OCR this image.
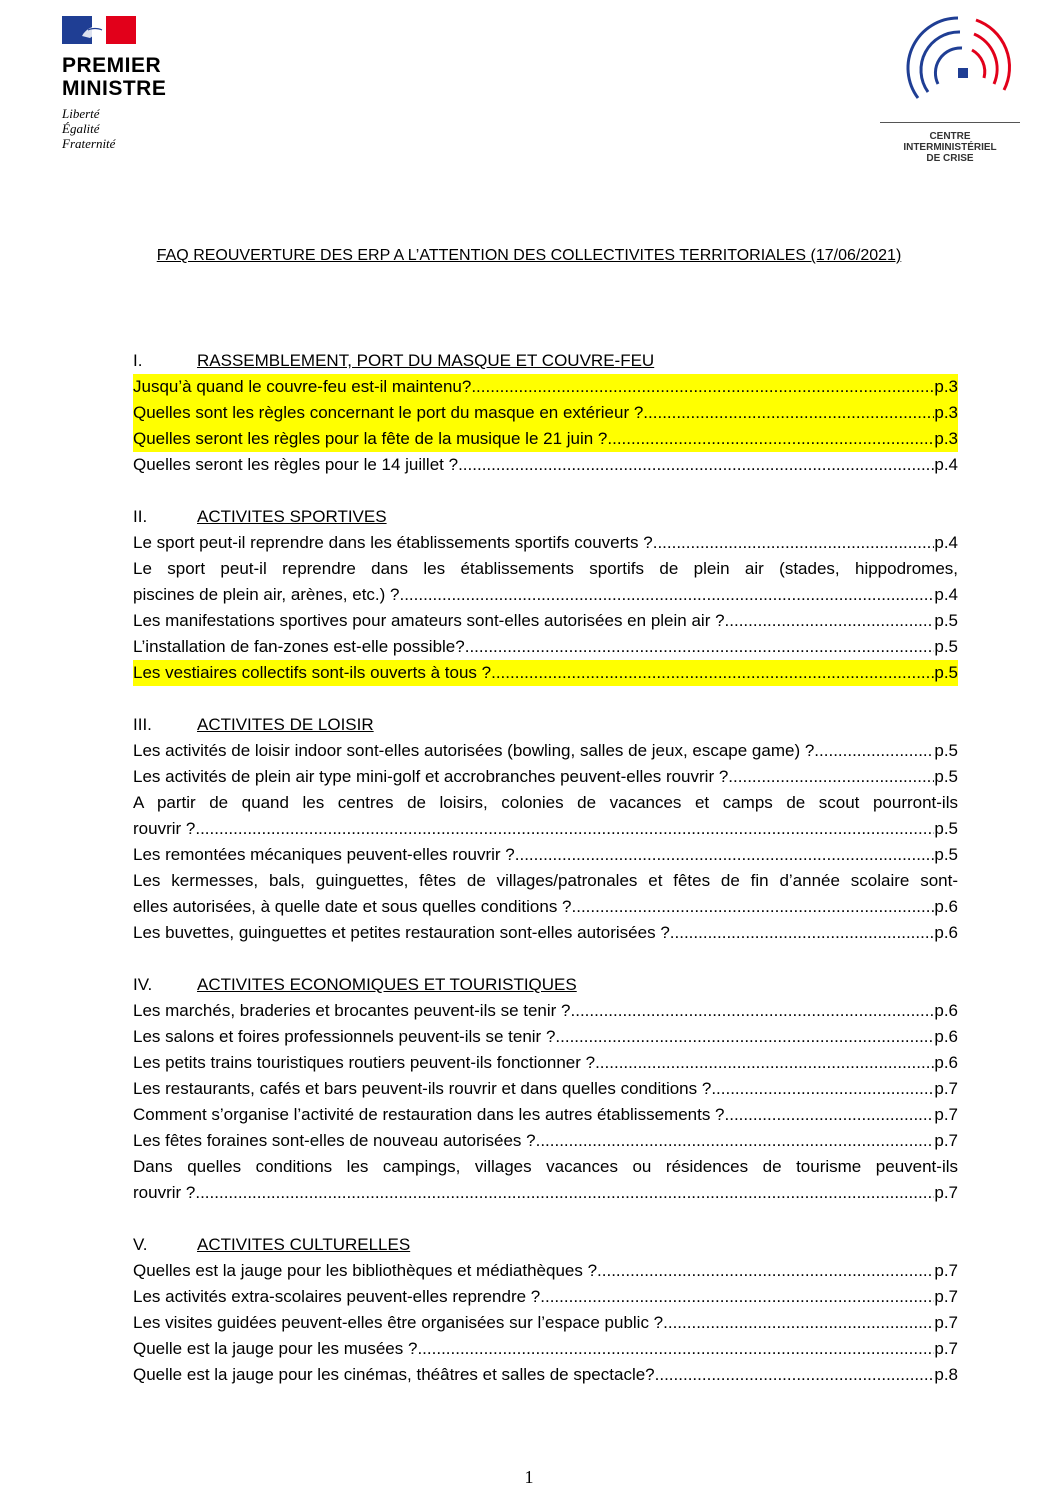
PREMIER
MINISTRE
Liberté
Égalité
Fraternité	CENTRE
INTERMINISTÉRIEL
DE CRISE
FAQ REOUVERTURE DES ERP A L’ATTENTION DES COLLECTIVITES TERRITORIALES (17/06/2021)
I.	RASSEMBLEMENT, PORT DU MASQUE ET COUVRE-FEU
Jusqu’à quand le couvre-feu est-il maintenu? .....	p.3
Quelles sont les règles concernant le port du masque en extérieur ? .....	p.3
Quelles seront les règles pour la fête de la musique le 21 juin ? .....	p.3
Quelles seront les règles pour le 14 juillet ? .....	p.4
II.	ACTIVITES SPORTIVES
Le sport peut-il reprendre dans les établissements sportifs couverts ? .....	p.4
Le sport peut-il reprendre dans les établissements sportifs de plein air (stades, hippodromes,
piscines de plein air, arènes, etc.) ? .....	p.4
Les manifestations sportives pour amateurs sont-elles autorisées en plein air ? .....	p.5
L’installation de fan-zones est-elle possible? .....	p.5
Les vestiaires collectifs sont-ils ouverts à tous ? .....	p.5
III.	ACTIVITES DE LOISIR
Les activités de loisir indoor sont-elles autorisées (bowling, salles de jeux, escape game) ? .....	p.5
Les activités de plein air type mini-golf et accrobranches peuvent-elles rouvrir ? .....	p.5
A partir de quand les centres de loisirs, colonies de vacances et camps de scout pourront-ils
rouvrir ? .....	p.5
Les remontées mécaniques peuvent-elles rouvrir ? .....	p.5
Les kermesses, bals, guinguettes, fêtes de villages/patronales et fêtes de fin d’année scolaire sont-
elles autorisées, à quelle date et sous quelles conditions ? .....	p.6
Les buvettes, guinguettes et petites restauration sont-elles autorisées ? .....	p.6
IV.	ACTIVITES ECONOMIQUES ET TOURISTIQUES
Les marchés, braderies et brocantes peuvent-ils se tenir ? .....	p.6
Les salons et foires professionnels peuvent-ils se tenir ? .....	p.6
Les petits trains touristiques routiers peuvent-ils fonctionner ? .....	p.6
Les restaurants, cafés et bars peuvent-ils rouvrir et dans quelles conditions ? .....	p.7
Comment s’organise l’activité de restauration dans les autres établissements ? .....	p.7
Les fêtes foraines sont-elles de nouveau autorisées ? .....	p.7
Dans quelles conditions les campings, villages vacances ou résidences de tourisme peuvent-ils
rouvrir ? .....	p.7
V.	ACTIVITES CULTURELLES
Quelles est la jauge pour les bibliothèques et médiathèques ? .....	p.7
Les activités extra-scolaires peuvent-elles reprendre ? .....	p.7
Les visites guidées peuvent-elles être organisées sur l’espace public ? .....	p.7
Quelle est la jauge pour les musées ? .....	p.7
Quelle est la jauge pour les cinémas, théâtres et salles de spectacle? .....	p.8
1
